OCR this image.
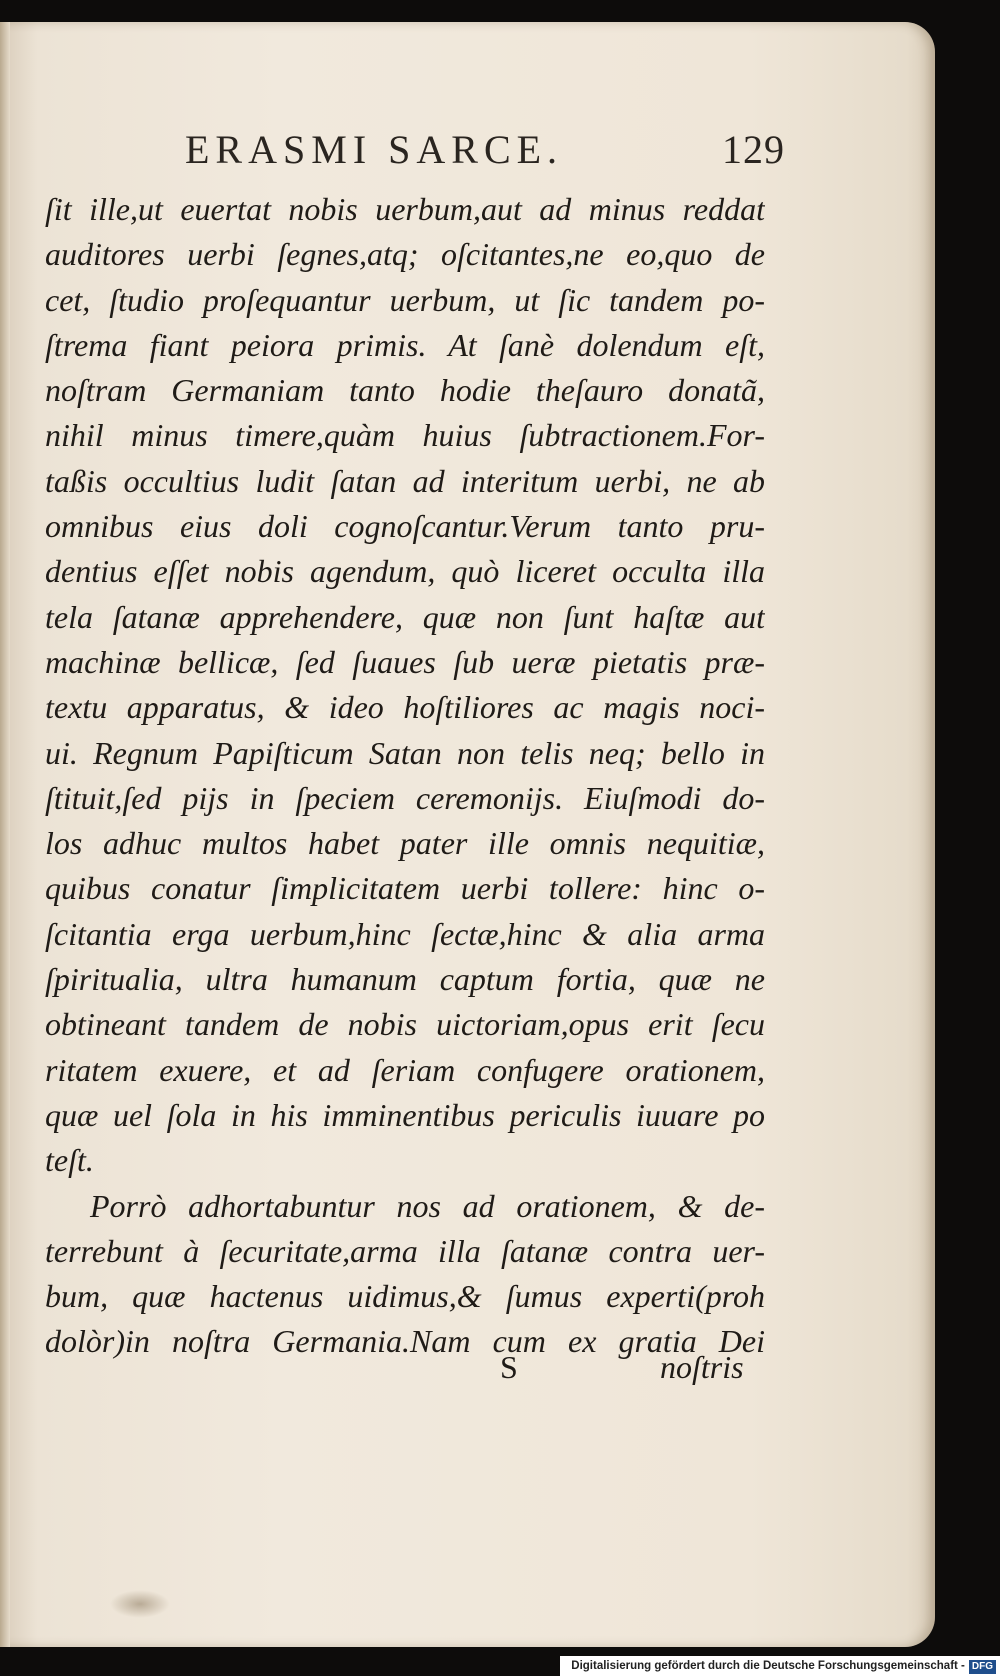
ERASMI SARCE.	129
ſit ille,ut euertat nobis uerbum,aut ad minus reddat
auditores uerbi ſegnes,atq; oſcitantes,ne eo,quo de
cet, ſtudio proſequantur uerbum, ut ſic tandem po-
ſtrema fiant peiora primis. At ſanè dolendum eſt,
noſtram Germaniam tanto hodie theſauro donatã,
nihil minus timere,quàm huius ſubtractionem.For-
taßis occultius ludit ſatan ad interitum uerbi, ne ab
omnibus eius doli cognoſcantur.Verum tanto pru-
dentius eſſet nobis agendum, quò liceret occulta illa
tela ſatanæ apprehendere, quæ non ſunt haſtæ aut
machinæ bellicæ, ſed ſuaues ſub ueræ pietatis præ-
textu apparatus, & ideo hoſtiliores ac magis noci-
ui. Regnum Papiſticum Satan non telis neq; bello in
ſtituit,ſed pijs in ſpeciem ceremonijs. Eiuſmodi do-
los adhuc multos habet pater ille omnis nequitiæ,
quibus conatur ſimplicitatem uerbi tollere: hinc o-
ſcitantia erga uerbum,hinc ſectæ,hinc & alia arma
ſpiritualia, ultra humanum captum fortia, quæ ne
obtineant tandem de nobis uictoriam,opus erit ſecu
ritatem exuere, et ad ſeriam confugere orationem,
quæ uel ſola in his imminentibus periculis iuuare po
teſt.
Porrò adhortabuntur nos ad orationem, & de-
terrebunt à ſecuritate,arma illa ſatanæ contra uer-
bum, quæ hactenus uidimus,& ſumus experti(proh
dolòr)in noſtra Germania.Nam cum ex gratia Dei
S	noſtris
Digitalisierung gefördert durch die Deutsche Forschungsgemeinschaft - DFG
